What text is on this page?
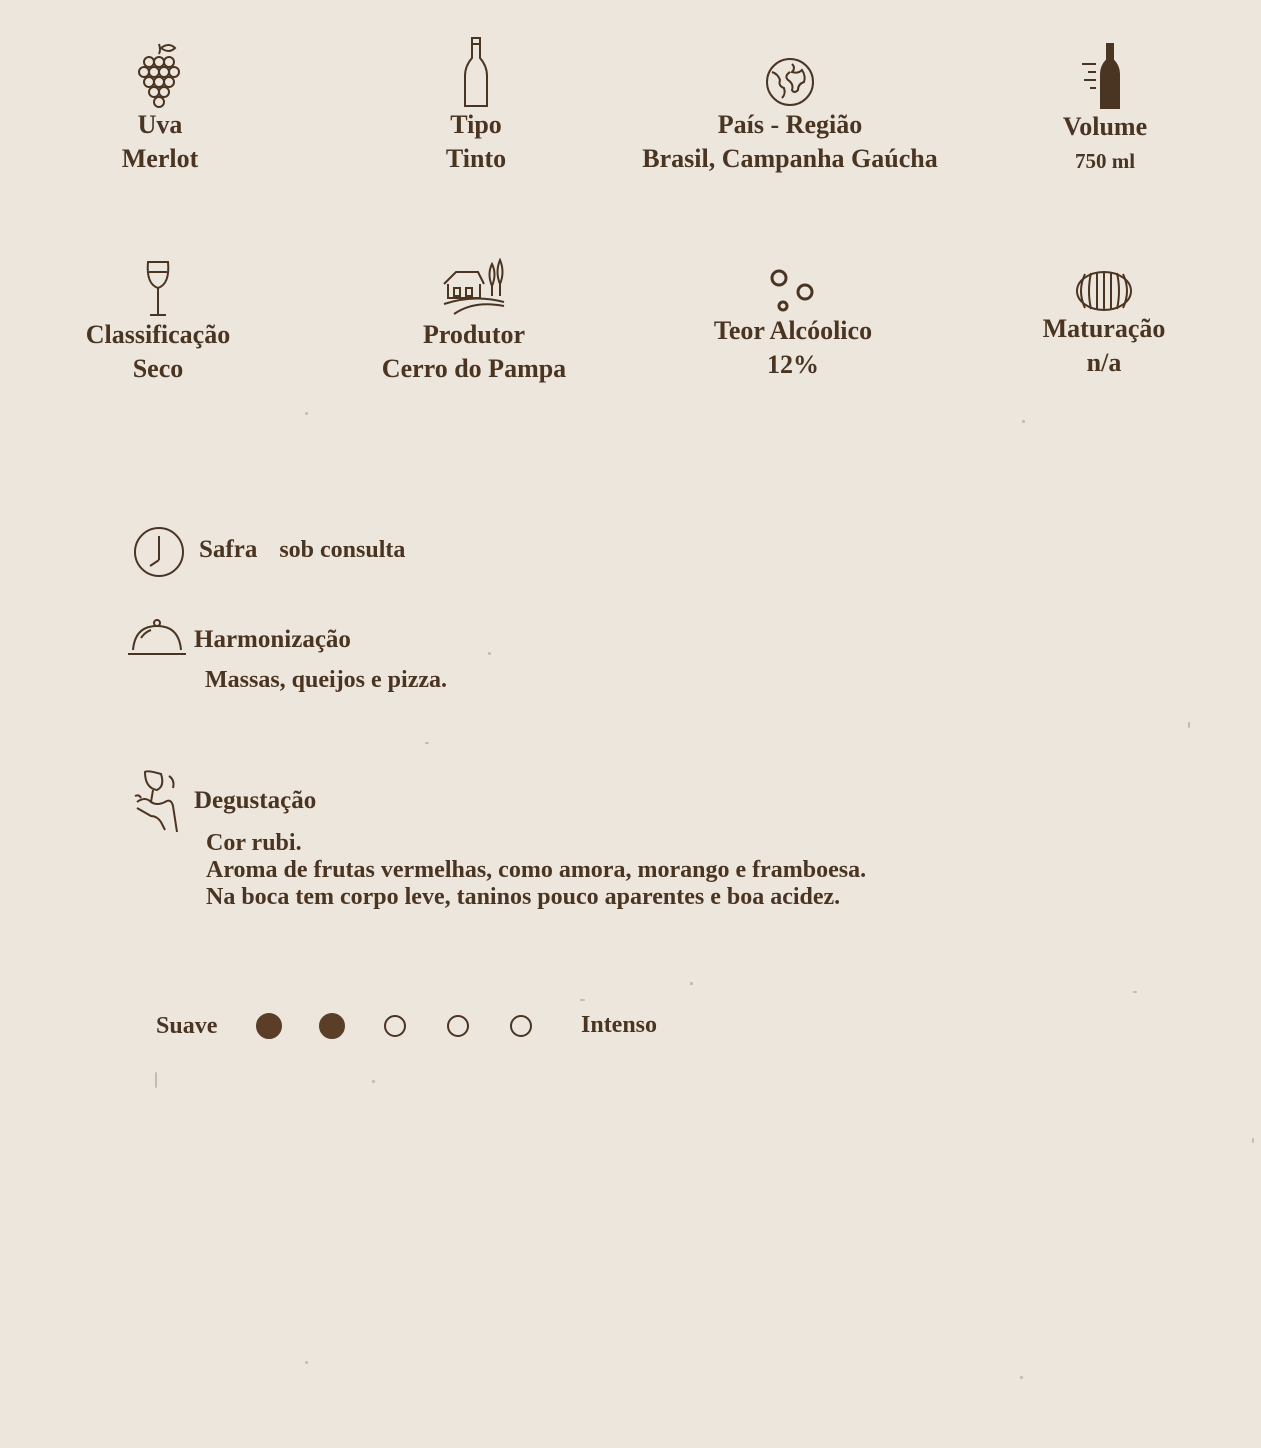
Uva
Merlot
Tipo
Tinto
País - Região
Brasil, Campanha Gaúcha
Volume
750 ml
Classificação
Seco
Produtor
Cerro do Pampa
Teor Alcóolico
12%
Maturação
n/a
Safra sob consulta
Harmonização
Massas, queijos e pizza.
Degustação
Cor rubi.
Aroma de frutas vermelhas, como amora, morango e framboesa.
Na boca tem corpo leve, taninos pouco aparentes e boa acidez.
Suave	Intenso
